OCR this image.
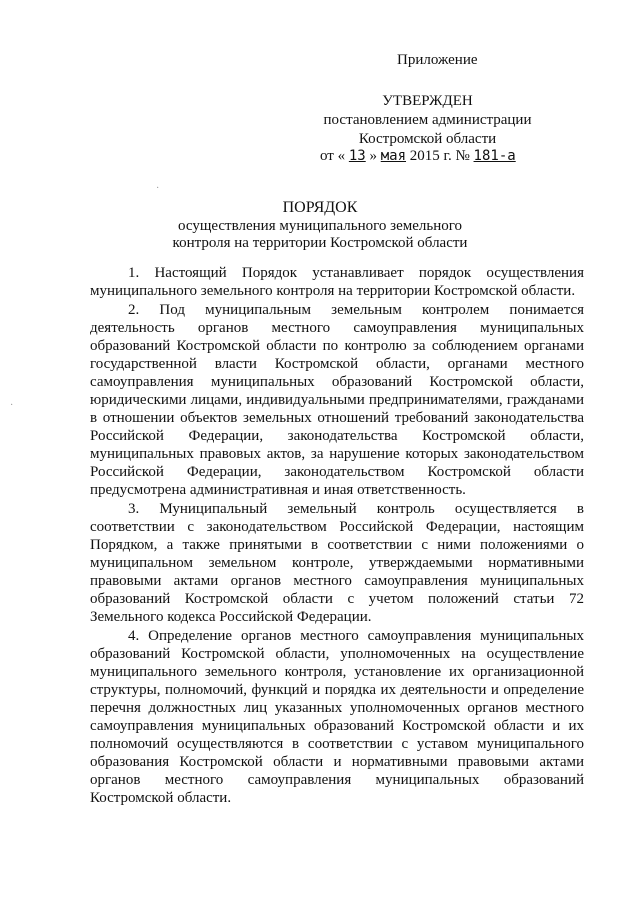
Приложение
УТВЕРЖДЕН
постановлением администрации
Костромской области
от « 13 » мая 2015 г. № 181-а
ПОРЯДОК
осуществления муниципального земельного
контроля на территории Костромской области

1. Настоящий Порядок устанавливает порядок осуществления муниципального земельного контроля на территории Костромской области.

2. Под муниципальным земельным контролем понимается деятельность органов местного самоуправления муниципальных образований Костромской области по контролю за соблюдением органами государственной власти Костромской области, органами местного самоуправления муниципальных образований Костромской области, юридическими лицами, индивидуальными предпринимателями, гражданами в отношении объектов земельных отношений требований законодательства Российской Федерации, законодательства Костромской области, муниципальных правовых актов, за нарушение которых законодательством Российской Федерации, законодательством Костромской области предусмотрена административная и иная ответственность.

3. Муниципальный земельный контроль осуществляется в соответствии с законодательством Российской Федерации, настоящим Порядком, а также принятыми в соответствии с ними положениями о муниципальном земельном контроле, утверждаемыми нормативными правовыми актами органов местного самоуправления муниципальных образований Костромской области с учетом положений статьи 72 Земельного кодекса Российской Федерации.

4. Определение органов местного самоуправления муниципальных образований Костромской области, уполномоченных на осуществление муниципального земельного контроля, установление их организационной структуры, полномочий, функций и порядка их деятельности и определение перечня должностных лиц указанных уполномоченных органов местного самоуправления муниципальных образований Костромской области и их полномочий осуществляются в соответствии с уставом муниципального образования Костромской области и нормативными правовыми актами органов местного самоуправления муниципальных образований Костромской области.

·
·
